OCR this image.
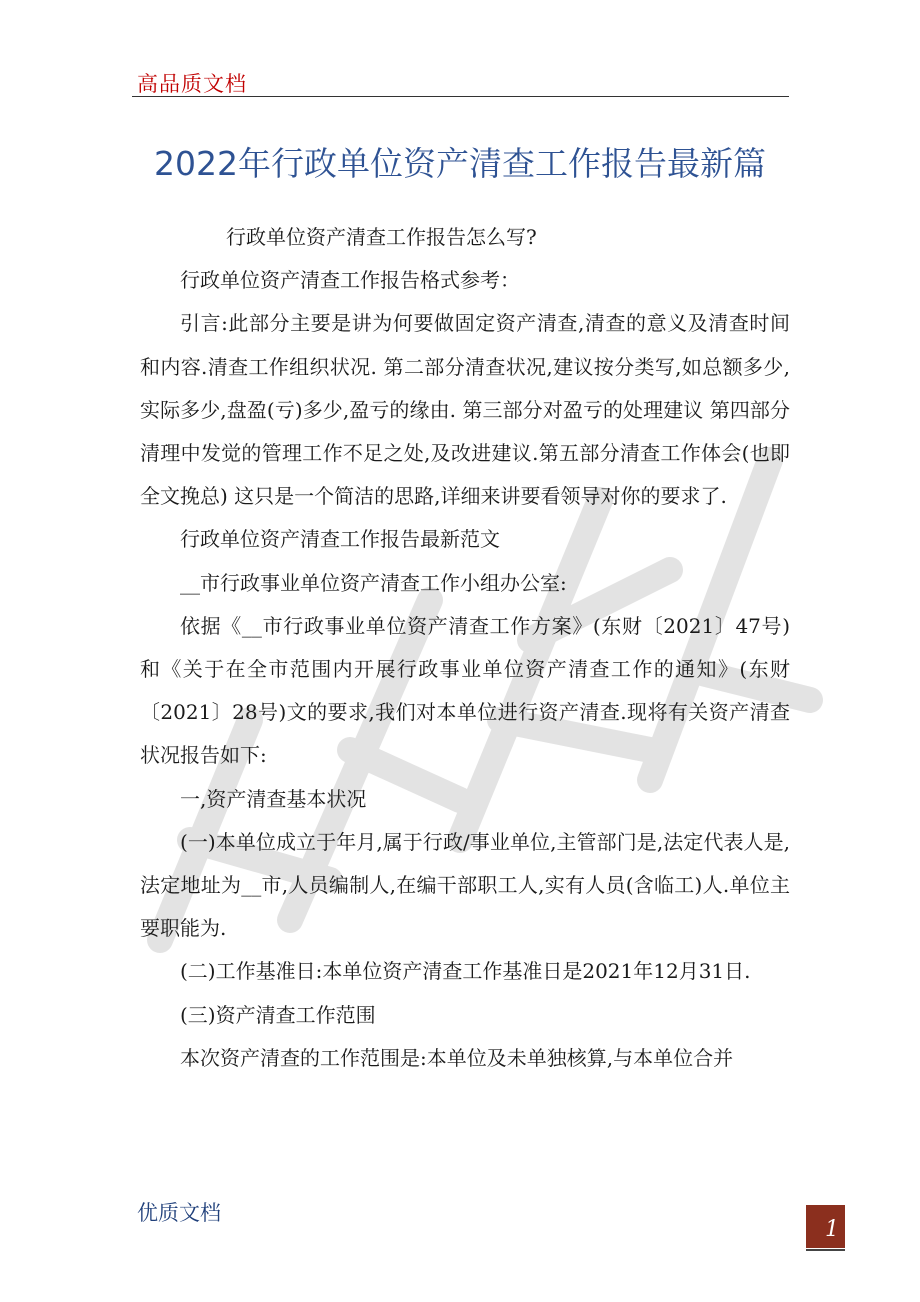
高品质文档
2022年行政单位资产清查工作报告最新篇

行政单位资产清查工作报告怎么写?

行政单位资产清查工作报告格式参考：

引言:此部分主要是讲为何要做固定资产清查,清查的意义及清查时间和内容.清查工作组织状况. 第二部分清查状况,建议按分类写,如总额多少,实际多少,盘盈(亏)多少,盈亏的缘由. 第三部分对盈亏的处理建议 第四部分清理中发觉的管理工作不足之处,及改进建议.第五部分清查工作体会(也即全文挽总) 这只是一个简洁的思路,详细来讲要看领导对你的要求了.

行政单位资产清查工作报告最新范文

__市行政事业单位资产清查工作小组办公室:

依据《__市行政事业单位资产清查工作方案》(东财〔2021〕47号)和《关于在全市范围内开展行政事业单位资产清查工作的通知》(东财〔2021〕28号)文的要求,我们对本单位进行资产清查.现将有关资产清查状况报告如下:

一,资产清查基本状况

(一)本单位成立于年月,属于行政/事业单位,主管部门是,法定代表人是,法定地址为__市,人员编制人,在编干部职工人,实有人员(含临工)人.单位主要职能为.

(二)工作基准日:本单位资产清查工作基准日是2021年12月31日.

(三)资产清查工作范围

本次资产清查的工作范围是:本单位及未单独核算,与本单位合并

优质文档
1
